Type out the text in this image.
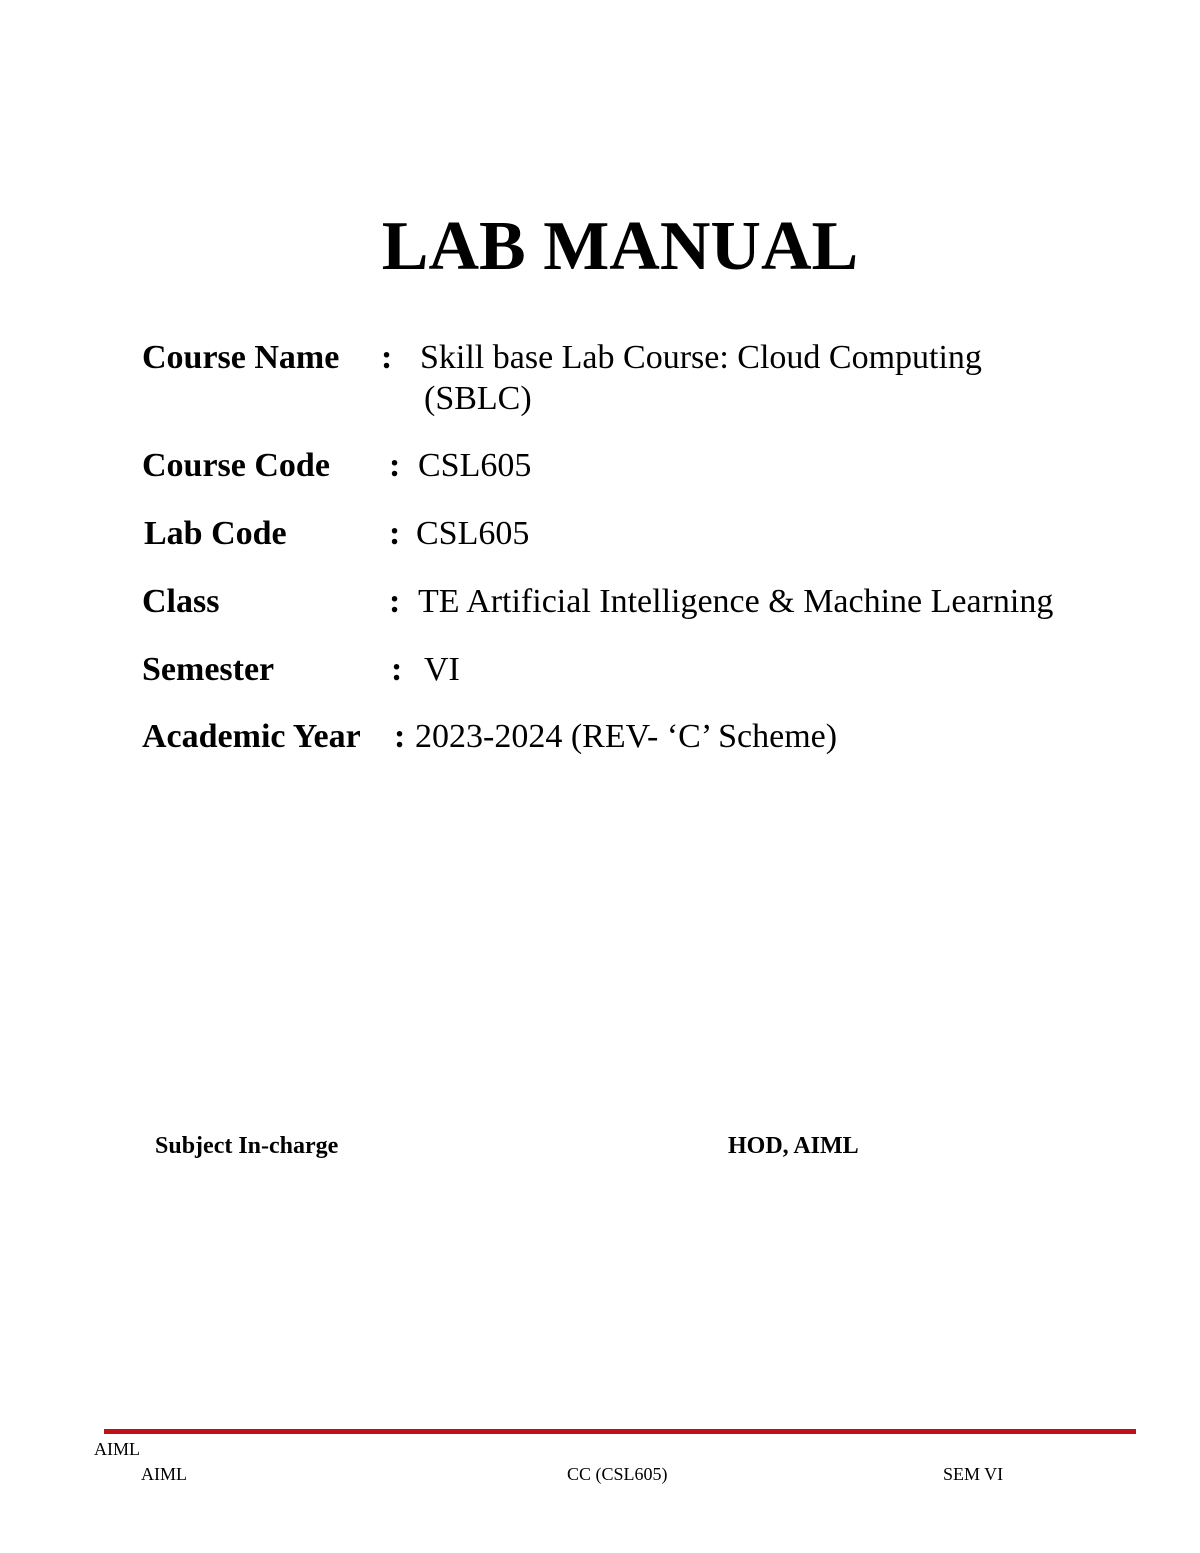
LAB MANUAL
Course Name : Skill base Lab Course: Cloud Computing
(SBLC)
Course Code : CSL605
Lab Code	: CSL605
Class	: TE Artificial Intelligence & Machine Learning
Semester	: VI
Academic Year : 2023-2024 (REV- ‘C’ Scheme)
Subject In-charge	HOD, AIML
AIML
AIML	CC (CSL605)	SEM VI
